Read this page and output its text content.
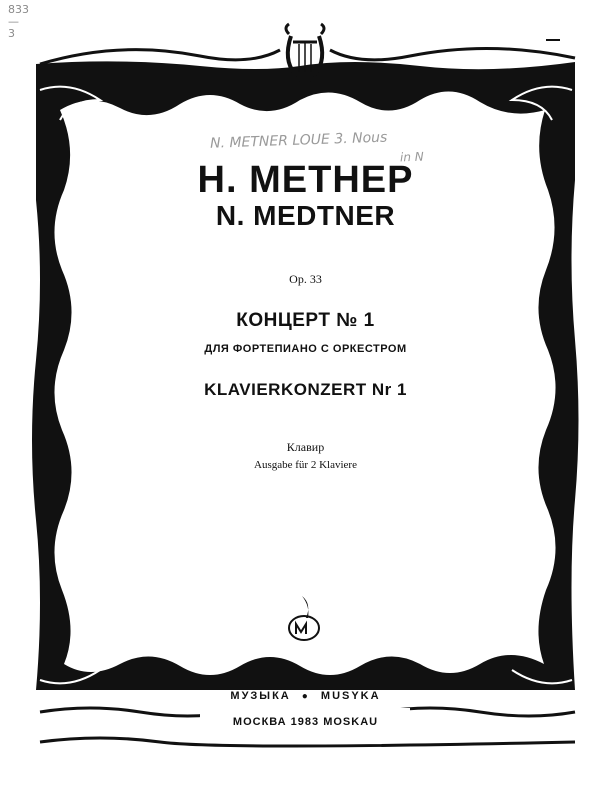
833
—
3
N. METNER LOUE 3. Nous
in N
Н. МЕТНЕР
N. MEDTNER
Op. 33
КОНЦЕРТ № 1
ДЛЯ ФОРТЕПИАНО С ОРКЕСТРОМ
KLAVIERKONZERT Nr 1
Клавир
Ausgabe für 2 Klaviere
МУЗЫКА ● MUSYKA
МОСКВА 1983 MOSKAU
